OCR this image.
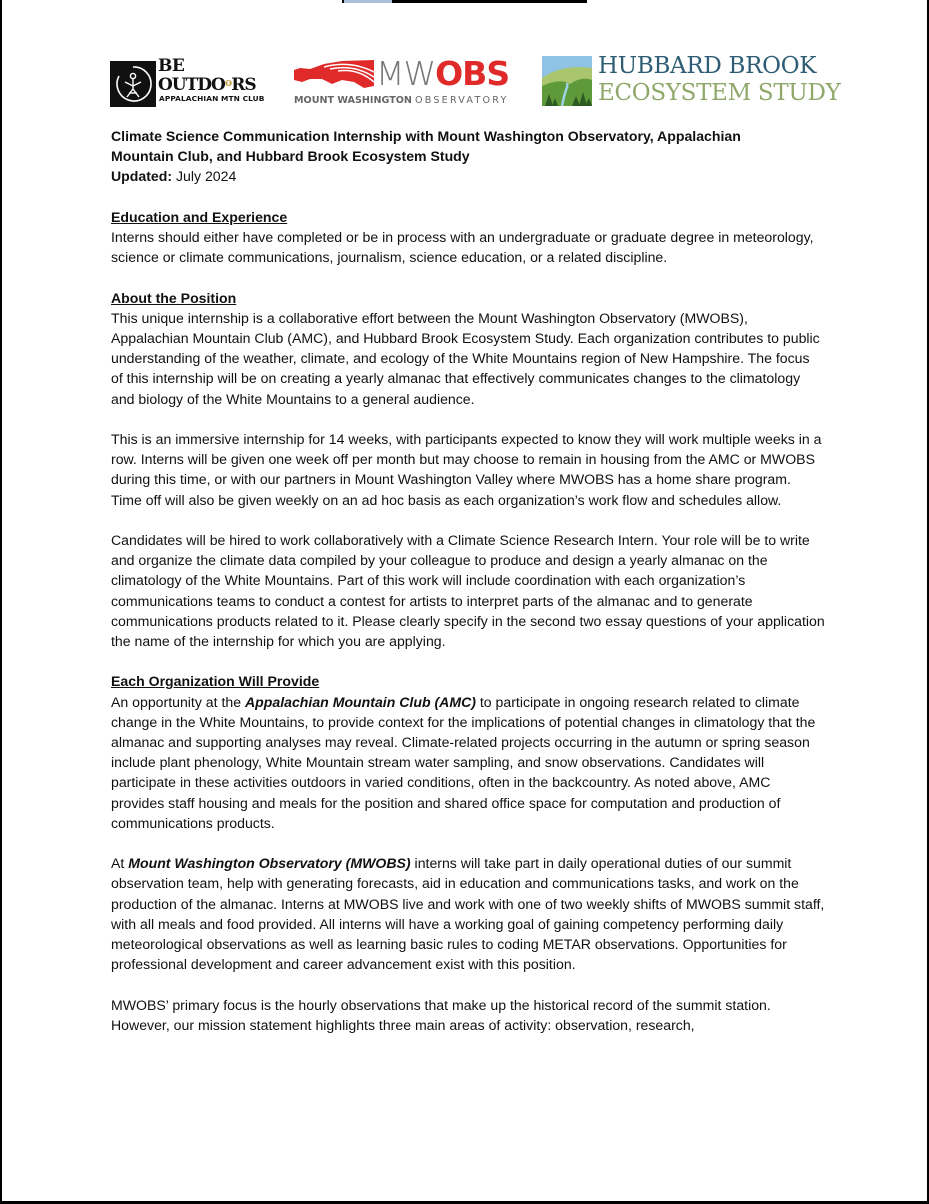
BE
OUTDO$^o$RS
APPALACHIAN MTN CLUB
MWOBS
MOUNT WASHINGTON OBSERVATORY
HUBBARD BROOK
ECOSYSTEM STUDY

Climate Science Communication Internship with Mount Washington Observatory, Appalachian

Mountain Club, and Hubbard Brook Ecosystem Study

Updated: July 2024

Education and Experience

Interns should either have completed or be in process with an undergraduate or graduate degree in meteorology, science or climate communications, journalism, science education, or a related discipline.

About the Position

This unique internship is a collaborative effort between the Mount Washington Observatory (MWOBS), Appalachian Mountain Club (AMC), and Hubbard Brook Ecosystem Study. Each organization contributes to public understanding of the weather, climate, and ecology of the White Mountains region of New Hampshire. The focus of this internship will be on creating a yearly almanac that effectively communicates changes to the climatology and biology of the White Mountains to a general audience.

This is an immersive internship for 14 weeks, with participants expected to know they will work multiple weeks in a row. Interns will be given one week off per month but may choose to remain in housing from the AMC or MWOBS during this time, or with our partners in Mount Washington Valley where MWOBS has a home share program. Time off will also be given weekly on an ad hoc basis as each organization’s work flow and schedules allow.

Candidates will be hired to work collaboratively with a Climate Science Research Intern. Your role will be to write and organize the climate data compiled by your colleague to produce and design a yearly almanac on the climatology of the White Mountains. Part of this work will include coordination with each organization’s communications teams to conduct a contest for artists to interpret parts of the almanac and to generate communications products related to it. Please clearly specify in the second two essay questions of your application the name of the internship for which you are applying.

Each Organization Will Provide

An opportunity at the Appalachian Mountain Club (AMC) to participate in ongoing research related to climate change in the White Mountains, to provide context for the implications of potential changes in climatology that the almanac and supporting analyses may reveal. Climate-related projects occurring in the autumn or spring season include plant phenology, White Mountain stream water sampling, and snow observations. Candidates will participate in these activities outdoors in varied conditions, often in the backcountry. As noted above, AMC provides staff housing and meals for the position and shared office space for computation and production of communications products.

At Mount Washington Observatory (MWOBS) interns will take part in daily operational duties of our summit observation team, help with generating forecasts, aid in education and communications tasks, and work on the production of the almanac. Interns at MWOBS live and work with one of two weekly shifts of MWOBS summit staff, with all meals and food provided. All interns will have a working goal of gaining competency performing daily meteorological observations as well as learning basic rules to coding METAR observations. Opportunities for professional development and career advancement exist with this position.

MWOBS’ primary focus is the hourly observations that make up the historical record of the summit station. However, our mission statement highlights three main areas of activity: observation, research,
